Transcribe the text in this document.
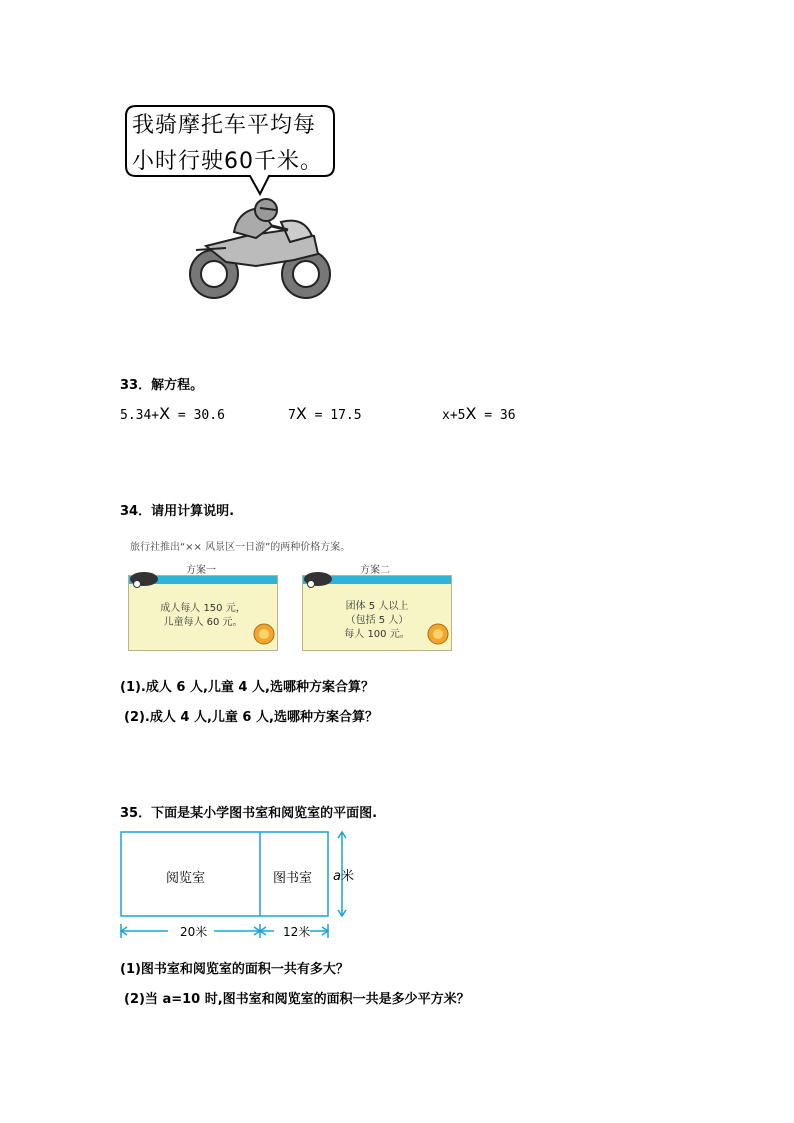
我骑摩托车平均每
小时行驶60千米。
33．解方程。
5.34+X = 30.6	7X = 17.5	x+5X = 36
34．请用计算说明.
旅行社推出“×× 风景区一日游”的两种价格方案。
成人每人 150 元，
儿童每人 60 元。
方案一
团体 5 人以上
（包括 5 人）
每人 100 元。
方案二
(1).成人 6 人,儿童 4 人,选哪种方案合算？
(2).成人 4 人,儿童 6 人,选哪种方案合算？
35．下面是某小学图书室和阅览室的平面图.
阅览室	图书室 a米
20米	12米
(1)图书室和阅览室的面积一共有多大？
(2)当 a=10 时,图书室和阅览室的面积一共是多少平方米？
